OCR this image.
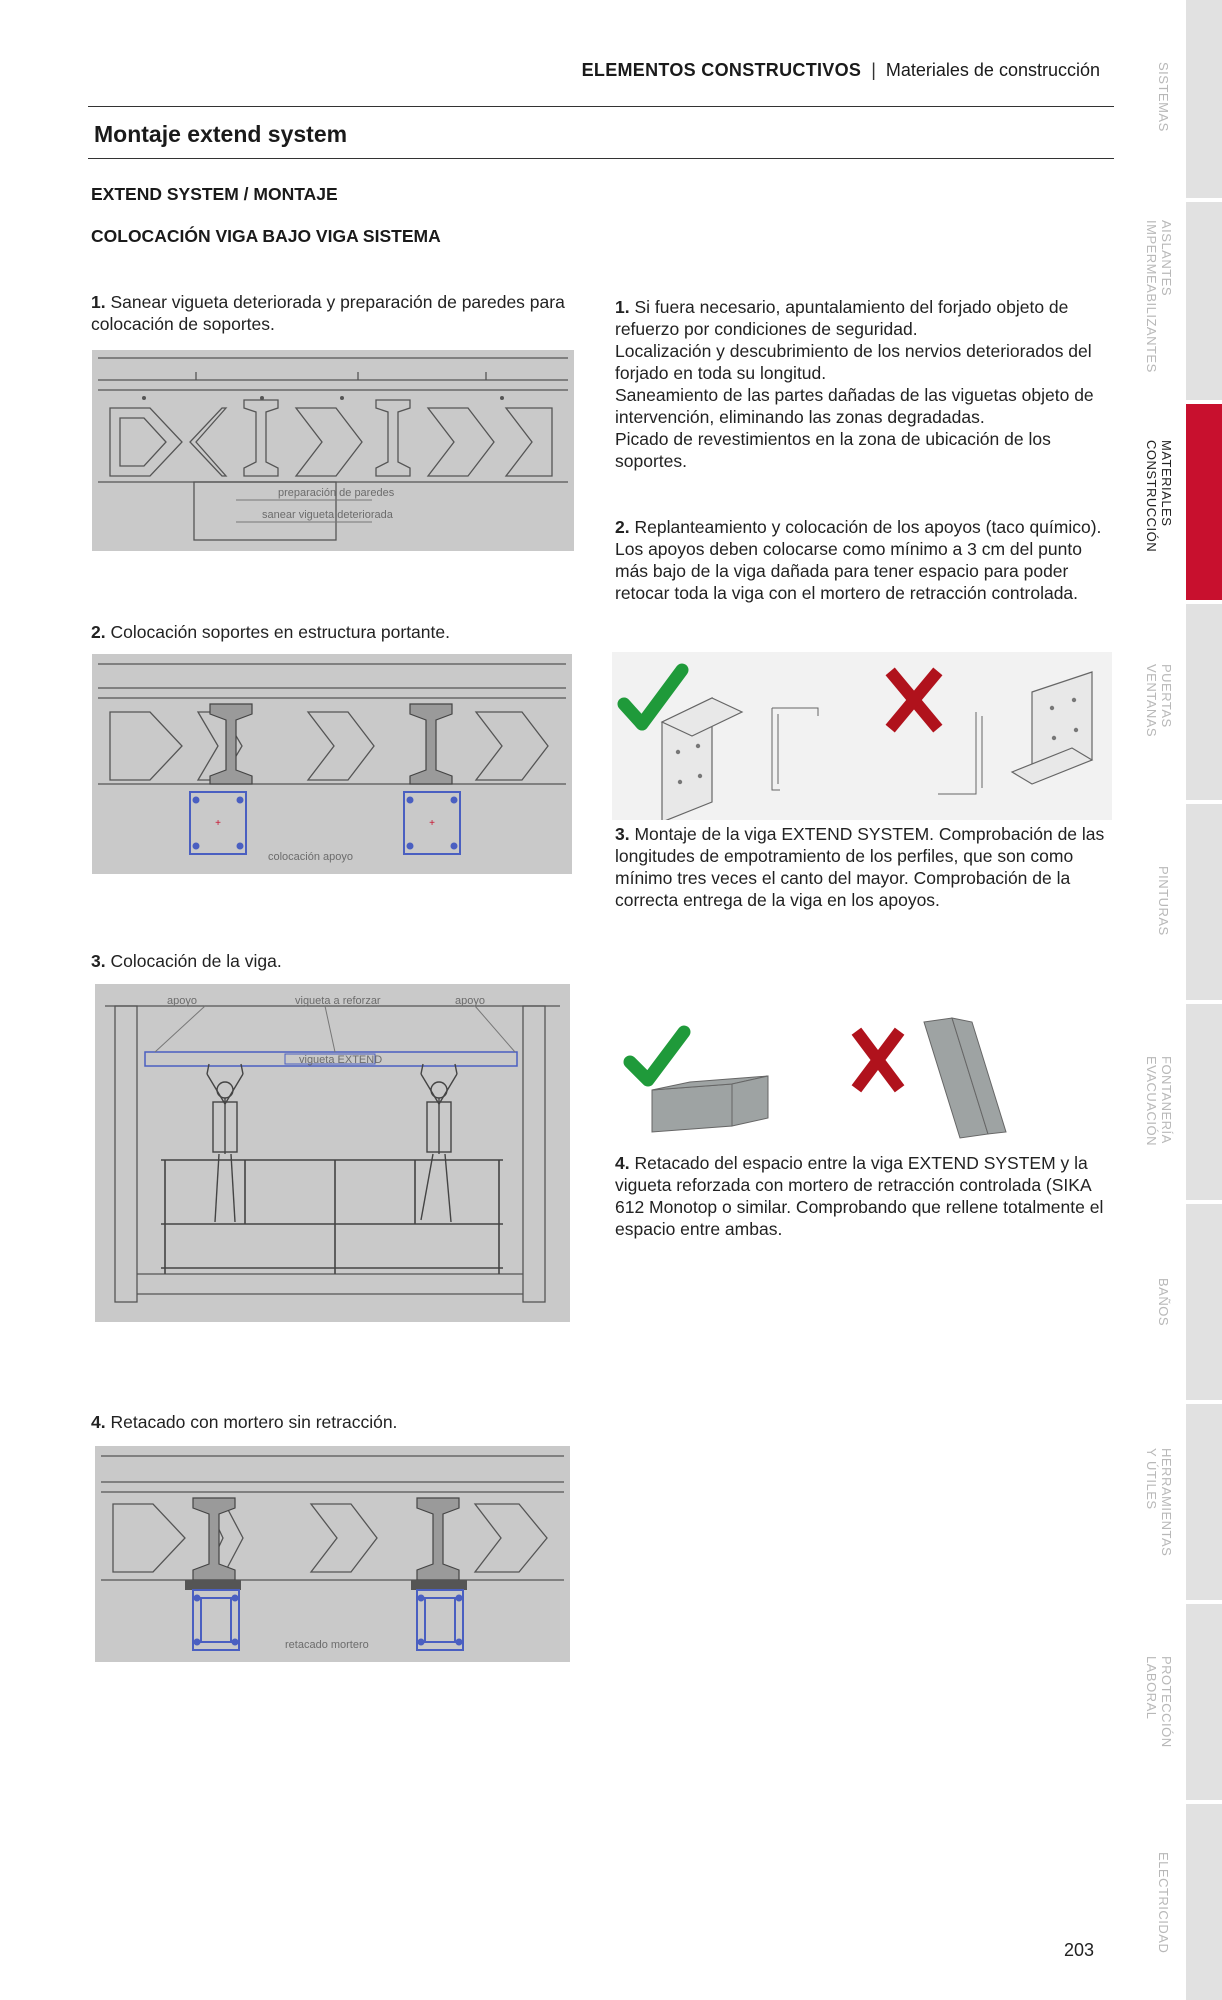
ELEMENTOS CONSTRUCTIVOS | Materiales de construcción
Montaje extend system
EXTEND SYSTEM / MONTAJE
COLOCACIÓN VIGA BAJO VIGA SISTEMA
1. Sanear vigueta deteriorada y preparación de paredes para colocación de soportes.
preparación de paredes
sanear vigueta deteriorada
2. Colocación soportes en estructura portante.
+	+
colocación apoyo
3. Colocación de la viga.
apoyo	vigueta a reforzar	apoyo
vigueta EXTEND
4. Retacado con mortero sin retracción.
retacado mortero
1. Si fuera necesario, apuntalamiento del forjado objeto de refuerzo por condiciones de seguridad.
Localización y descubrimiento de los nervios deteriorados del forjado en toda su longitud.
Saneamiento de las partes dañadas de las viguetas objeto de intervención, eliminando las zonas degradadas.
Picado de revestimientos en la zona de ubicación de los soportes.
2. Replanteamiento y colocación de los apoyos (taco químico). Los apoyos deben colocarse como mínimo a 3 cm del punto más bajo de la viga dañada para tener espacio para poder retocar toda la viga con el mortero de retracción controlada.
3. Montaje de la viga EXTEND SYSTEM. Comprobación de las longitudes de empotramiento de los perfiles, que son como mínimo tres veces el canto del mayor. Comprobación de la correcta entrega de la viga en los apoyos.
4. Retacado del espacio entre la viga EXTEND SYSTEM y la vigueta reforzada con mortero de retracción controlada (SIKA 612 Monotop o similar. Comprobando que rellene totalmente el espacio entre ambas.
SISTEMAS
AISLANTES IMPERMEABILIZANTES
MATERIALES CONSTRUCCIÓN
PUERTAS VENTANAS
PINTURAS
FONTANERÍA EVACUACIÓN
BAÑOS
HERRAMIENTAS Y ÚTILES
PROTECCIÓN LABORAL
ELECTRICIDAD
203
